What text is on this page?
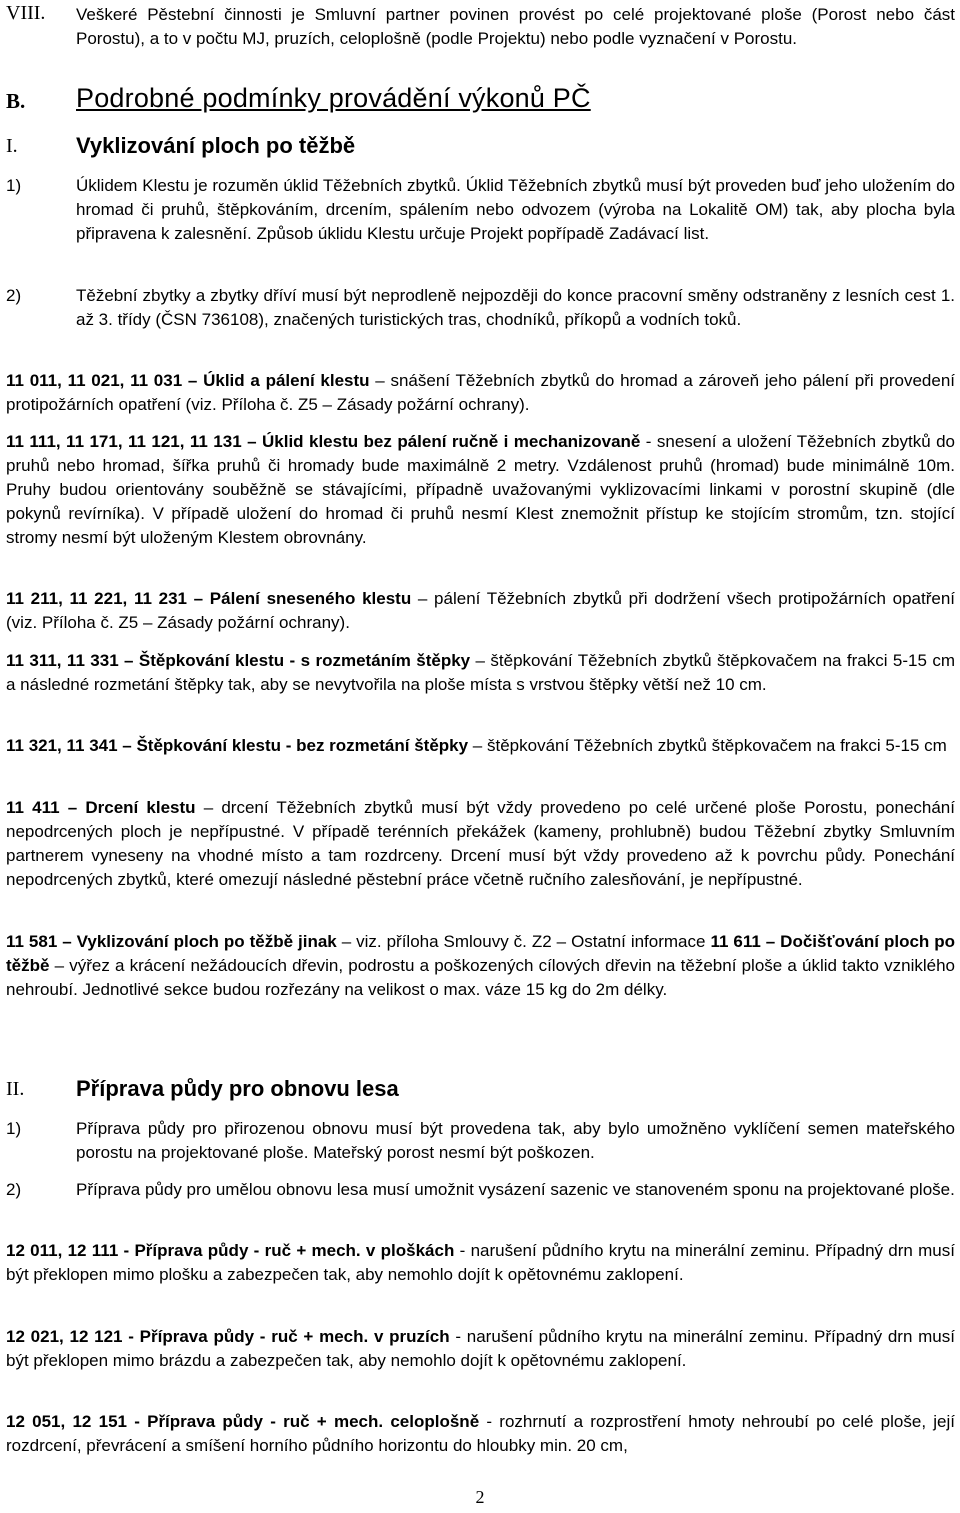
VIII. Veškeré Pěstební činnosti je Smluvní partner povinen provést po celé projektované ploše (Porost nebo část Porostu), a to v počtu MJ, pruzích, celoplošně (podle Projektu) nebo podle vyznačení v Porostu.

B. Podrobné podmínky provádění výkonů PČ
I.	Vyklizování ploch po těžbě
1)	Úklidem Klestu je rozuměn úklid Těžebních zbytků. Úklid Těžebních zbytků musí být proveden buď jeho uložením do hromad či pruhů, štěpkováním, drcením, spálením nebo odvozem (výroba na Lokalitě OM) tak, aby plocha byla připravena k zalesnění. Způsob úklidu Klestu určuje Projekt popřípadě Zadávací list.

2)	Těžební zbytky a zbytky dříví musí být neprodleně nejpozději do konce pracovní směny odstraněny z lesních cest 1. až 3. třídy (ČSN 736108), značených turistických tras, chodníků, příkopů a vodních toků.

11 011, 11 021, 11 031 – Úklid a pálení klestu – snášení Těžebních zbytků do hromad a zároveň jeho pálení při provedení protipožárních opatření (viz. Příloha č. Z5 – Zásady požární ochrany).

11 111, 11 171, 11 121, 11 131 – Úklid klestu bez pálení ručně i mechanizovaně - snesení a uložení Těžebních zbytků do pruhů nebo hromad, šířka pruhů či hromady bude maximálně 2 metry. Vzdálenost pruhů (hromad) bude minimálně 10m. Pruhy budou orientovány souběžně se stávajícími, případně uvažovanými vyklizovacími linkami v porostní skupině (dle pokynů revírníka). V případě uložení do hromad či pruhů nesmí Klest znemožnit přístup ke stojícím stromům, tzn. stojící stromy nesmí být uloženým Klestem obrovnány.

11 211, 11 221, 11 231 – Pálení sneseného klestu – pálení Těžebních zbytků při dodržení všech protipožárních opatření (viz. Příloha č. Z5 – Zásady požární ochrany).

11 311, 11 331 – Štěpkování klestu - s rozmetáním štěpky – štěpkování Těžebních zbytků štěpkovačem na frakci 5-15 cm a následné rozmetání štěpky tak, aby se nevytvořila na ploše místa s vrstvou štěpky větší než 10 cm.

11 321, 11 341 – Štěpkování klestu - bez rozmetání štěpky – štěpkování Těžebních zbytků štěpkovačem na frakci 5-15 cm

11 411 – Drcení klestu – drcení Těžebních zbytků musí být vždy provedeno po celé určené ploše Porostu, ponechání nepodrcených ploch je nepřípustné. V případě terénních překážek (kameny, prohlubně) budou Těžební zbytky Smluvním partnerem vyneseny na vhodné místo a tam rozdrceny. Drcení musí být vždy provedeno až k povrchu půdy. Ponechání nepodrcených zbytků, které omezují následné pěstební práce včetně ručního zalesňování, je nepřípustné.

11 581 – Vyklizování ploch po těžbě jinak – viz. příloha Smlouvy č. Z2 – Ostatní informace 11 611 – Dočišťování ploch po těžbě – výřez a krácení nežádoucích dřevin, podrostu a poškozených cílových dřevin na těžební ploše a úklid takto vzniklého nehroubí. Jednotlivé sekce budou rozřezány na velikost o max. váze 15 kg do 2m délky.

II. Příprava půdy pro obnovu lesa
1)	Příprava půdy pro přirozenou obnovu musí být provedena tak, aby bylo umožněno vyklíčení semen mateřského porostu na projektované ploše. Mateřský porost nesmí být poškozen.

2)	Příprava půdy pro umělou obnovu lesa musí umožnit vysázení sazenic ve stanoveném sponu na projektované ploše.

12 011, 12 111 - Příprava půdy - ruč + mech. v ploškách - narušení půdního krytu na minerální zeminu. Případný drn musí být překlopen mimo plošku a zabezpečen tak, aby nemohlo dojít k opětovnému zaklopení.

12 021, 12 121 - Příprava půdy - ruč + mech. v pruzích - narušení půdního krytu na minerální zeminu. Případný drn musí být překlopen mimo brázdu a zabezpečen tak, aby nemohlo dojít k opětovnému zaklopení.

12 051, 12 151 - Příprava půdy - ruč + mech. celoplošně - rozhrnutí a rozprostření hmoty nehroubí po celé ploše, její rozdrcení, převrácení a smíšení horního půdního horizontu do hloubky min. 20 cm,

2
